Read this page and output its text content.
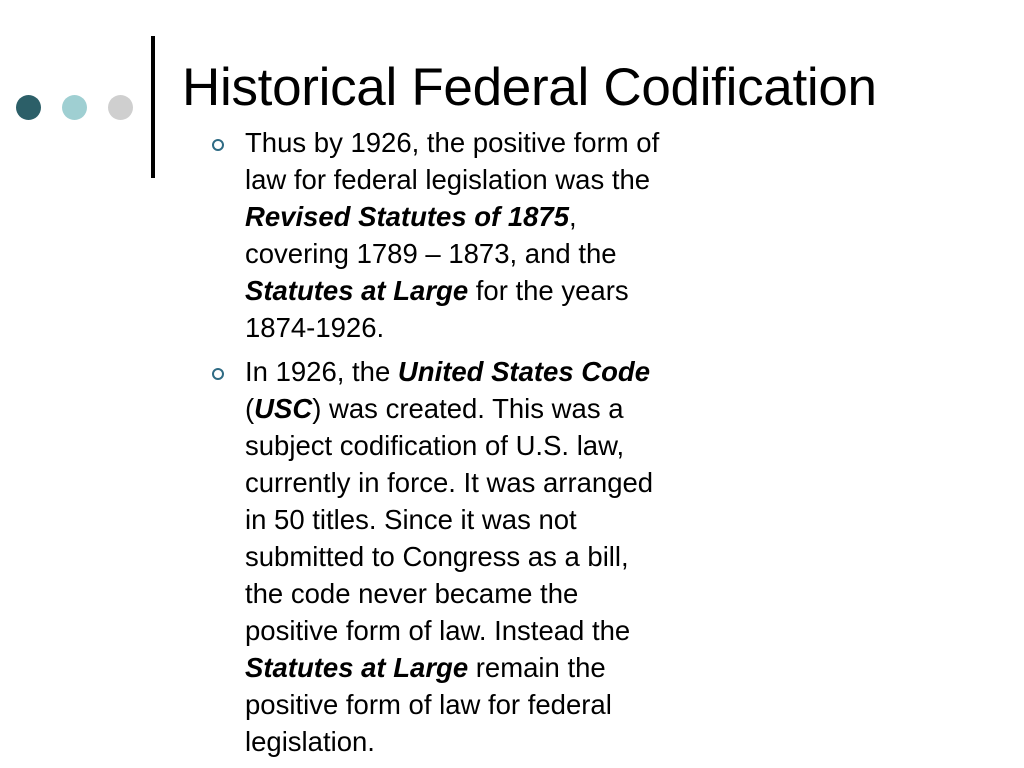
Historical Federal Codification
Thus by 1926, the positive form of
law for federal legislation was the
Revised Statutes of 1875,
covering 1789 – 1873, and the
Statutes at Large for the years
1874-1926.
In 1926, the United States Code
(USC) was created. This was a
subject codification of U.S. law,
currently in force. It was arranged
in 50 titles. Since it was not
submitted to Congress as a bill,
the code never became the
positive form of law. Instead the
Statutes at Large remain the
positive form of law for federal
legislation.
